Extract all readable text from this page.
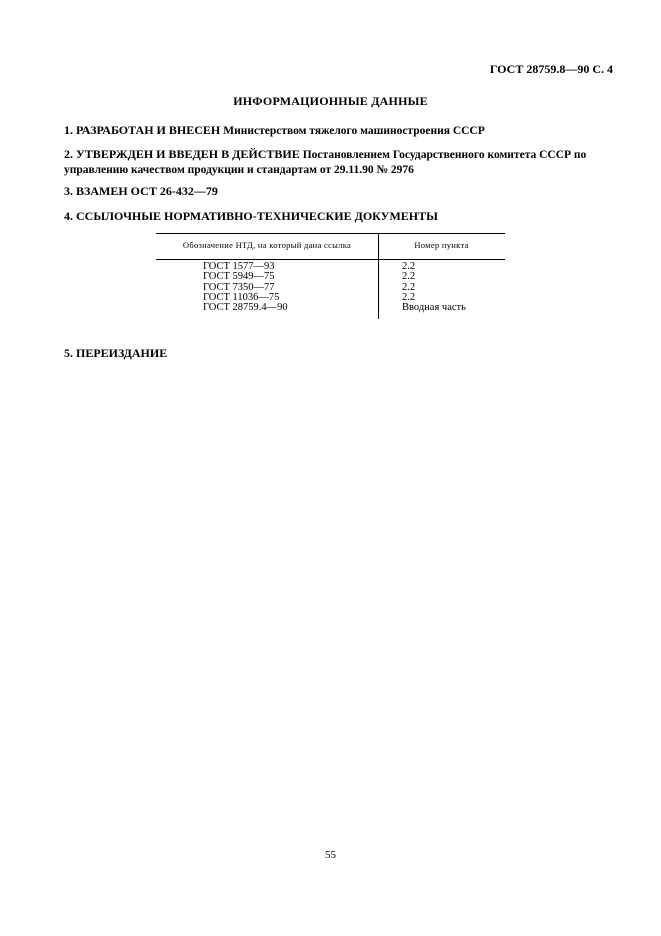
ГОСТ 28759.8—90 С. 4
ИНФОРМАЦИОННЫЕ ДАННЫЕ
1. РАЗРАБОТАН И ВНЕСЕН Министерством тяжелого машиностроения СССР
2. УТВЕРЖДЕН И ВВЕДЕН В ДЕЙСТВИЕ Постановлением Государственного комитета СССР по управлению качеством продукции и стандартам от 29.11.90 № 2976
3. ВЗАМЕН ОСТ 26-432—79
4. ССЫЛОЧНЫЕ НОРМАТИВНО-ТЕХНИЧЕСКИЕ ДОКУМЕНТЫ
Обозначение НТД, на который дана ссылка	Номер пункта
ГОСТ 1577—93	2.2
ГОСТ 5949—75	2.2
ГОСТ 7350—77	2.2
ГОСТ 11036—75	2.2
ГОСТ 28759.4—90	Вводная часть
5. ПЕРЕИЗДАНИЕ
55
